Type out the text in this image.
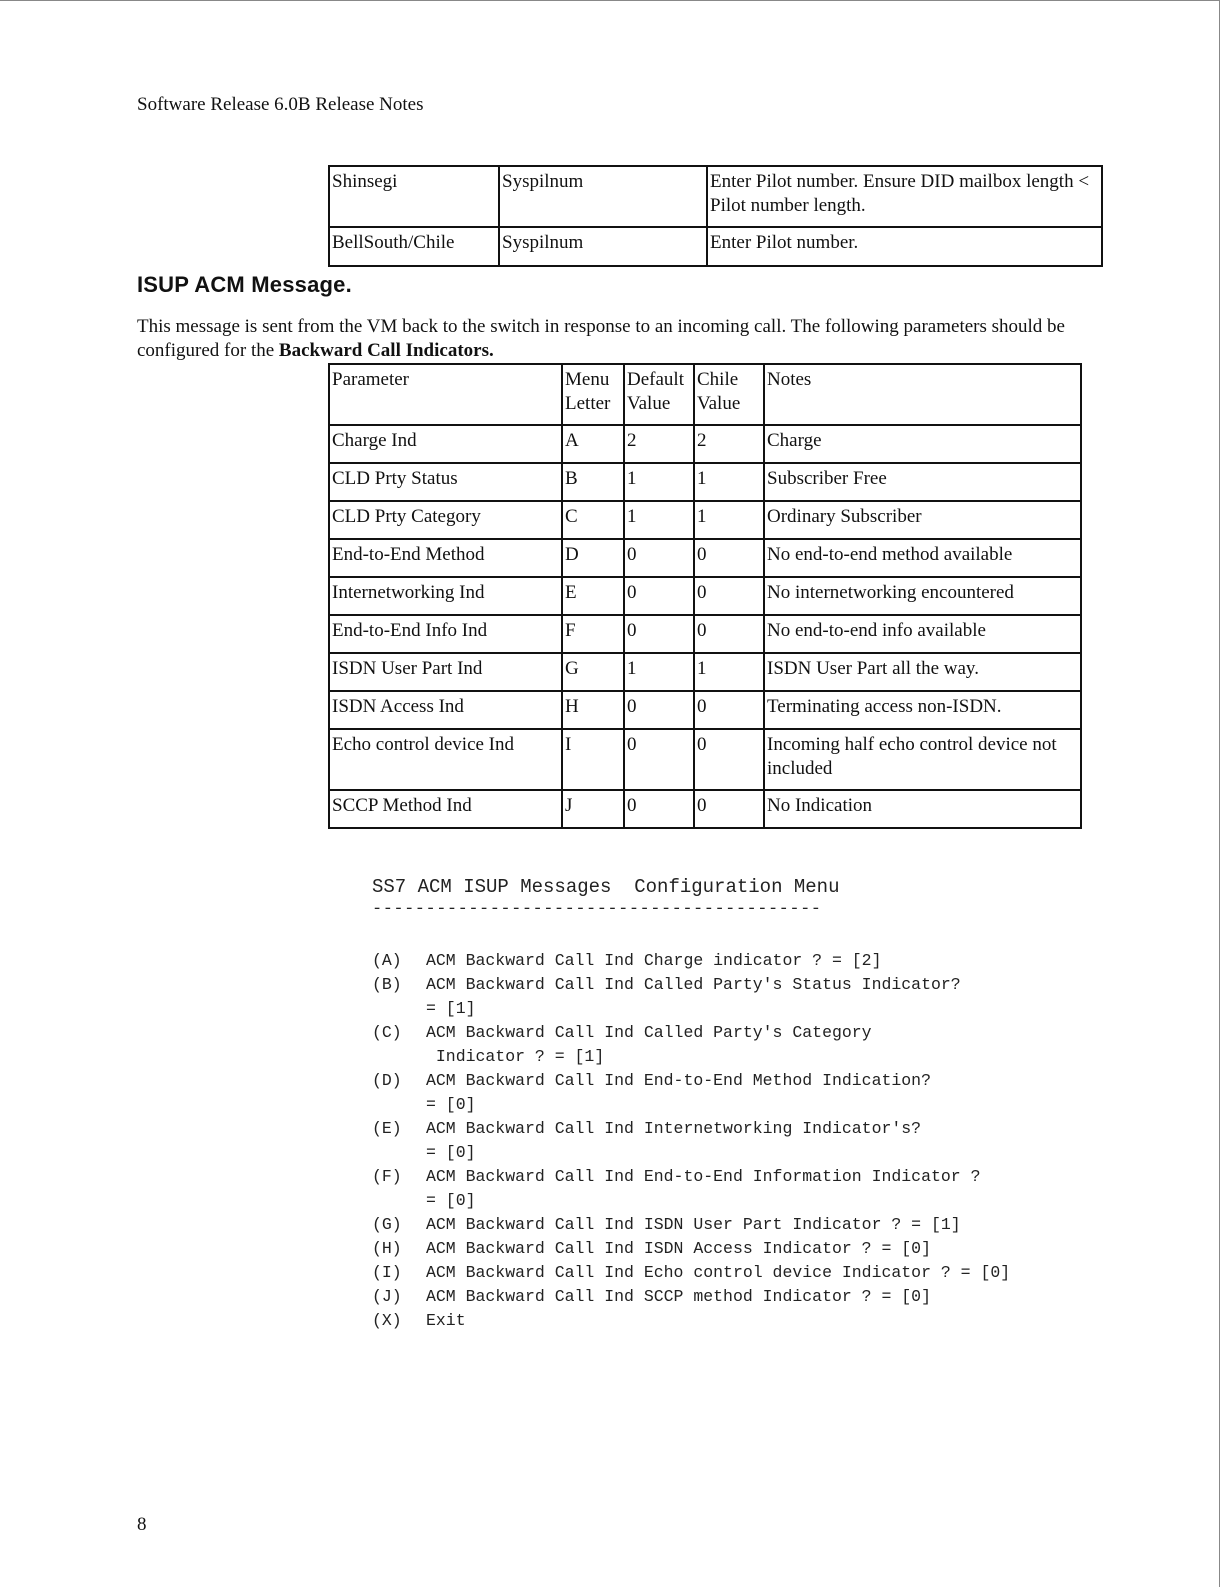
Software Release 6.0B Release Notes
Shinsegi	Syspilnum	Enter Pilot number. Ensure DID mailbox length < Pilot number length.
BellSouth/Chile	Syspilnum	Enter Pilot number.
ISUP ACM Message.

This message is sent from the VM back to the switch in response to an incoming call. The following parameters should be configured for the Backward Call Indicators.

Parameter	Menu Letter	Default Value	Chile Value	Notes
Charge Ind	A	2	2	Charge
CLD Prty Status	B	1	1	Subscriber Free
CLD Prty Category	C	1	1	Ordinary Subscriber
End-to-End Method	D	0	0	No end-to-end method available
Internetworking Ind	E	0	0	No internetworking encountered
End-to-End Info Ind	F	0	0	No end-to-end info available
ISDN User Part Ind	G	1	1	ISDN User Part all the way.
ISDN Access Ind	H	0	0	Terminating access non-ISDN.
Echo control device Ind	I	0	0	Incoming half echo control device not included
SCCP Method Ind	J	0	0	No Indication
SS7 ACM ISUP Messages  Configuration Menu
------------------------------------------
(A)	ACM Backward Call Ind Charge indicator ? = [2]
(B)	ACM Backward Call Ind Called Party's Status Indicator?
= [1]
(C)	ACM Backward Call Ind Called Party's Category
Indicator ? = [1]
(D)	ACM Backward Call Ind End-to-End Method Indication?
= [0]
(E)	ACM Backward Call Ind Internetworking Indicator's?
= [0]
(F)	ACM Backward Call Ind End-to-End Information Indicator ?
= [0]
(G)	ACM Backward Call Ind ISDN User Part Indicator ? = [1]
(H)	ACM Backward Call Ind ISDN Access Indicator ? = [0]
(I)	ACM Backward Call Ind Echo control device Indicator ? = [0]
(J)	ACM Backward Call Ind SCCP method Indicator ? = [0]
(X)	Exit
8
